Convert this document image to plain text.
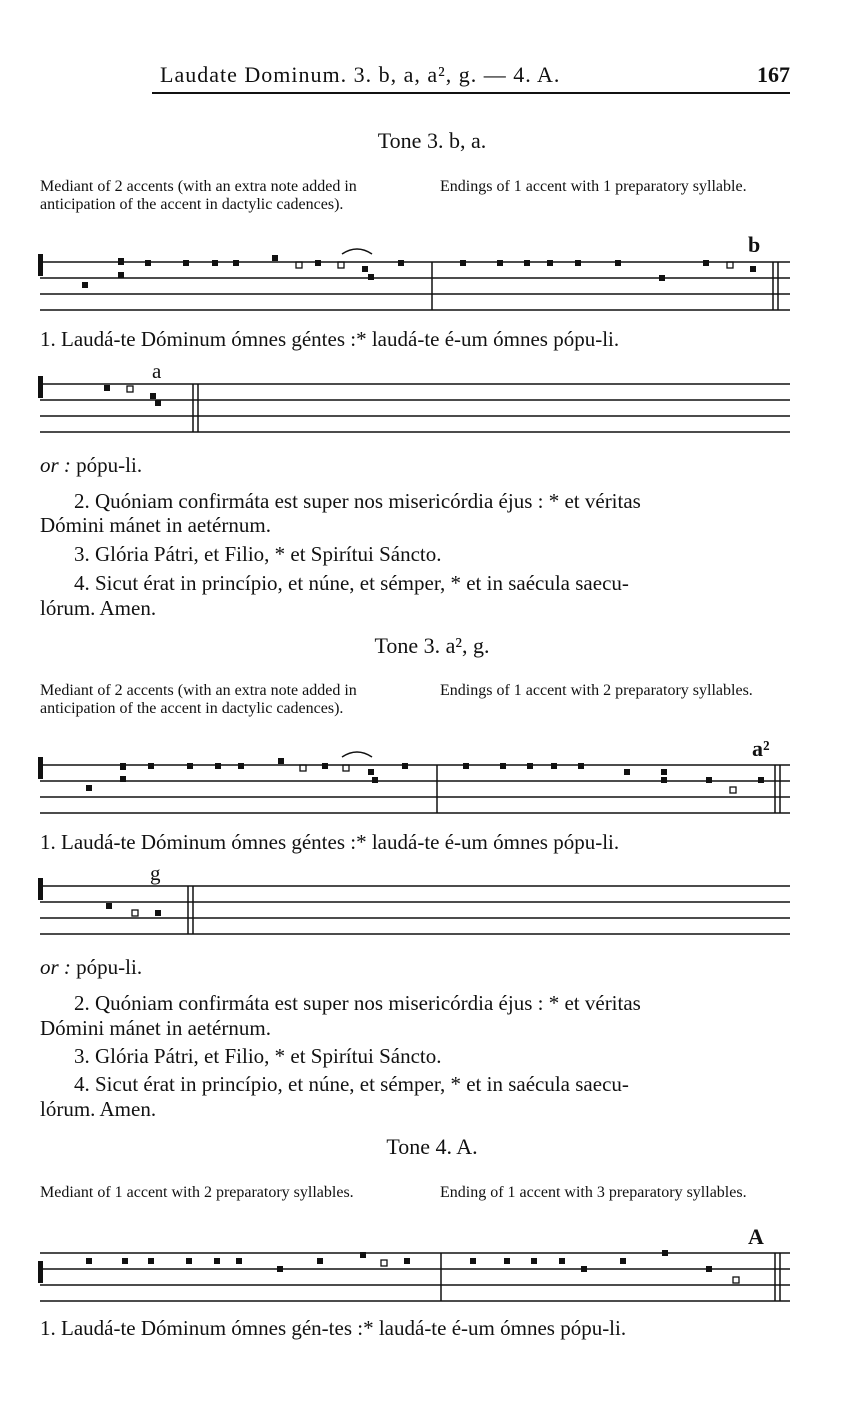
Laudate Dominum. 3. b, a, a², g. — 4. A.	167
Tone 3. b, a.
Mediant of 2 accents (with an extra note added in anticipation of the accent in dactylic cadences).
Endings of 1 accent with 1 preparatory syllable.
b
1. Laudá-te Dóminum ómnes géntes :* laudá-te é-um ómnes pópu-li.
a
or : pópu-li.
2. Quóniam confirmáta est super nos misericórdia éjus : * et véritas
Dómini mánet in aetérnum.
3. Glória Pátri, et Filio, * et Spirítui Sáncto.
4. Sicut érat in princípio, et núne, et sémper, * et in saécula saecu-
lórum. Amen.
Tone 3. a², g.
Mediant of 2 accents (with an extra note added in anticipation of the accent in dactylic cadences).
Endings of 1 accent with 2 preparatory syllables.
a²
1. Laudá-te Dóminum ómnes géntes :* laudá-te é-um ómnes pópu-li.
g
or : pópu-li.
2. Quóniam confirmáta est super nos misericórdia éjus : * et véritas
Dómini mánet in aetérnum.
3. Glória Pátri, et Filio, * et Spirítui Sáncto.
4. Sicut érat in princípio, et núne, et sémper, * et in saécula saecu-
lórum. Amen.
Tone 4. A.
Mediant of 1 accent with 2 preparatory syllables.	Ending of 1 accent with 3 preparatory syllables.
A
1. Laudá-te Dóminum ómnes gén-tes :* laudá-te é-um ómnes pópu-li.
